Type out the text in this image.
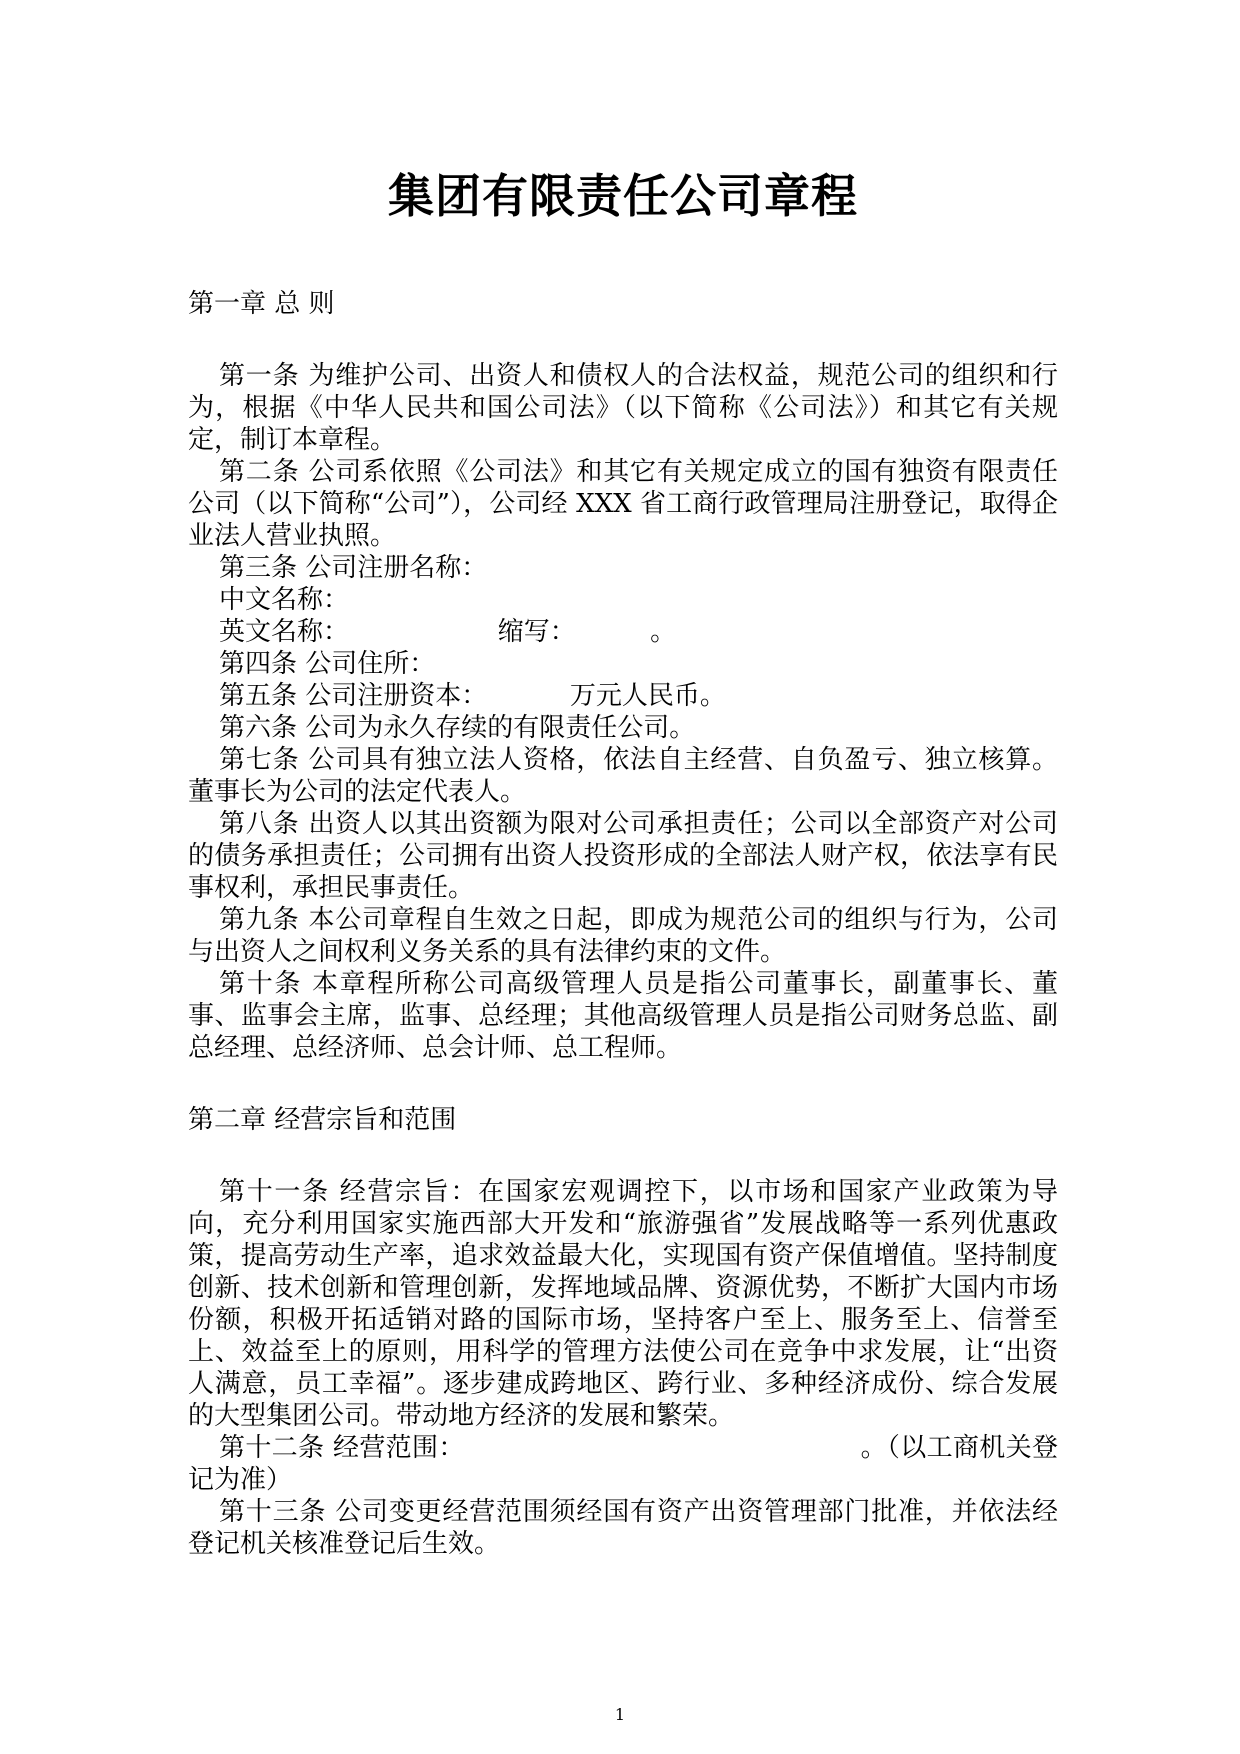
集团有限责任公司章程
第一章 总 则

第一条 为维护公司、出资人和债权人的合法权益，规范公司的组织和行为，根据《中华人民共和国公司法》（以下简称《公司法》）和其它有关规定，制订本章程。

第二条 公司系依照《公司法》和其它有关规定成立的国有独资有限责任公司（以下简称“公司”），公司经 XXX 省工商行政管理局注册登记，取得企业法人营业执照。

第三条 公司注册名称：

中文名称：

英文名称：                  缩写：         。

第四条 公司住所：

第五条 公司注册资本：          万元人民币。

第六条 公司为永久存续的有限责任公司。

第七条 公司具有独立法人资格，依法自主经营、自负盈亏、独立核算。董事长为公司的法定代表人。

第八条 出资人以其出资额为限对公司承担责任；公司以全部资产对公司的债务承担责任；公司拥有出资人投资形成的全部法人财产权，依法享有民事权利，承担民事责任。

第九条 本公司章程自生效之日起，即成为规范公司的组织与行为，公司与出资人之间权利义务关系的具有法律约束的文件。

第十条 本章程所称公司高级管理人员是指公司董事长，副董事长、董事、监事会主席，监事、总经理；其他高级管理人员是指公司财务总监、副总经理、总经济师、总会计师、总工程师。

第二章 经营宗旨和范围

第十一条 经营宗旨：在国家宏观调控下，以市场和国家产业政策为导向，充分利用国家实施西部大开发和“旅游强省”发展战略等一系列优惠政策，提高劳动生产率，追求效益最大化，实现国有资产保值增值。坚持制度创新、技术创新和管理创新，发挥地域品牌、资源优势，不断扩大国内市场份额，积极开拓适销对路的国际市场，坚持客户至上、服务至上、信誉至上、效益至上的原则，用科学的管理方法使公司在竞争中求发展，让“出资人满意，员工幸福”。逐步建成跨地区、跨行业、多种经济成份、综合发展的大型集团公司。带动地方经济的发展和繁荣。

第十二条 经营范围：                                              。（以工商机关登记为准）

第十三条 公司变更经营范围须经国有资产出资管理部门批准，并依法经登记机关核准登记后生效。

1
